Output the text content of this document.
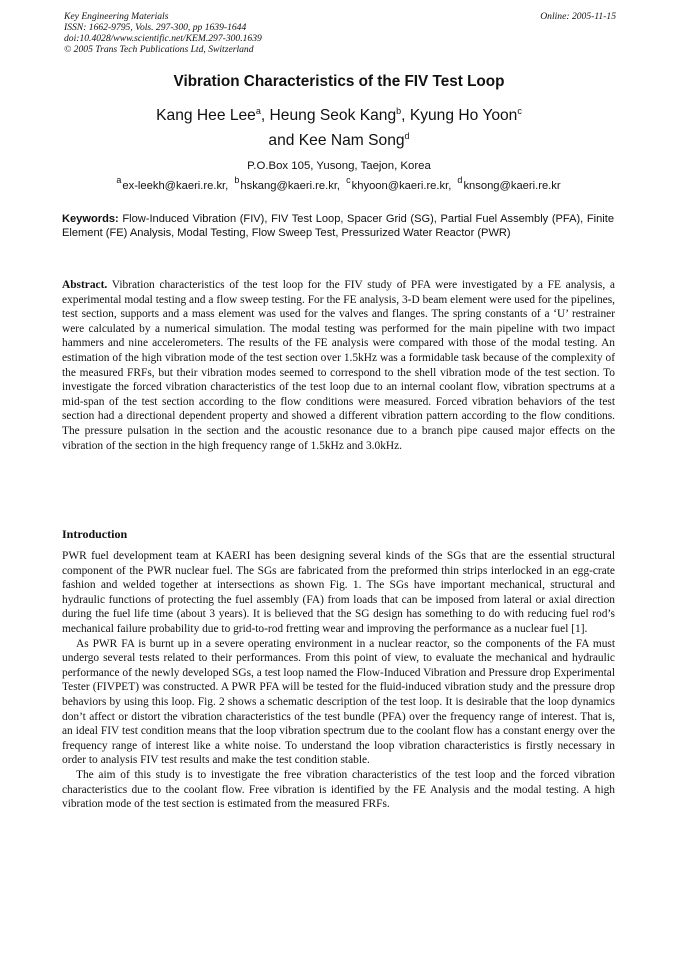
Key Engineering Materials
ISSN: 1662-9795, Vols. 297-300, pp 1639-1644
doi:10.4028/www.scientific.net/KEM.297-300.1639
© 2005 Trans Tech Publications Ltd, Switzerland
Online: 2005-11-15
Vibration Characteristics of the FIV Test Loop
Kang Hee Lee$^a$, Heung Seok Kang$^b$, Kyung Ho Yoon$^c$
and Kee Nam Song$^d$
P.O.Box 105, Yusong, Taejon, Korea
$^a$ex-leekh@kaeri.re.kr, $^b$hskang@kaeri.re.kr, $^c$khyoon@kaeri.re.kr, $^d$knsong@kaeri.re.kr
Keywords: Flow-Induced Vibration (FIV), FIV Test Loop, Spacer Grid (SG), Partial Fuel Assembly (PFA), Finite Element (FE) Analysis, Modal Testing, Flow Sweep Test, Pressurized Water Reactor (PWR)
Abstract. Vibration characteristics of the test loop for the FIV study of PFA were investigated by a FE analysis, a experimental modal testing and a flow sweep testing. For the FE analysis, 3-D beam element were used for the pipelines, test section, supports and a mass element was used for the valves and flanges. The spring constants of a ‘U’ restrainer were calculated by a numerical simulation. The modal testing was performed for the main pipeline with two impact hammers and nine accelerometers. The results of the FE analysis were compared with those of the modal testing. An estimation of the high vibration mode of the test section over 1.5kHz was a formidable task because of the complexity of the measured FRFs, but their vibration modes seemed to correspond to the shell vibration mode of the test section. To investigate the forced vibration characteristics of the test loop due to an internal coolant flow, vibration spectrums at a mid-span of the test section according to the flow conditions were measured. Forced vibration behaviors of the test section had a directional dependent property and showed a different vibration pattern according to the flow conditions. The pressure pulsation in the section and the acoustic resonance due to a branch pipe caused major effects on the vibration of the section in the high frequency range of 1.5kHz and 3.0kHz.
Introduction

PWR fuel development team at KAERI has been designing several kinds of the SGs that are the essential structural component of the PWR nuclear fuel. The SGs are fabricated from the preformed thin strips interlocked in an egg-crate fashion and welded together at intersections as shown Fig. 1. The SGs have important mechanical, structural and hydraulic functions of protecting the fuel assembly (FA) from loads that can be imposed from lateral or axial direction during the fuel life time (about 3 years). It is believed that the SG design has something to do with reducing fuel rod’s mechanical failure probability due to grid-to-rod fretting wear and improving the performance as a nuclear fuel [1].

As PWR FA is burnt up in a severe operating environment in a nuclear reactor, so the components of the FA must undergo several tests related to their performances. From this point of view, to evaluate the mechanical and hydraulic performance of the newly developed SGs, a test loop named the Flow-Induced Vibration and Pressure drop Experimental Tester (FIVPET) was constructed. A PWR PFA will be tested for the fluid-induced vibration study and the pressure drop behaviors by using this loop. Fig. 2 shows a schematic description of the test loop. It is desirable that the loop dynamics don’t affect or distort the vibration characteristics of the test bundle (PFA) over the frequency range of interest. That is, an ideal FIV test condition means that the loop vibration spectrum due to the coolant flow has a constant energy over the frequency range of interest like a white noise. To understand the loop vibration characteristics is firstly necessary in order to analysis FIV test results and make the test condition stable.

The aim of this study is to investigate the free vibration characteristics of the test loop and the forced vibration characteristics due to the coolant flow. Free vibration is identified by the FE Analysis and the modal testing. A high vibration mode of the test section is estimated from the measured FRFs.
